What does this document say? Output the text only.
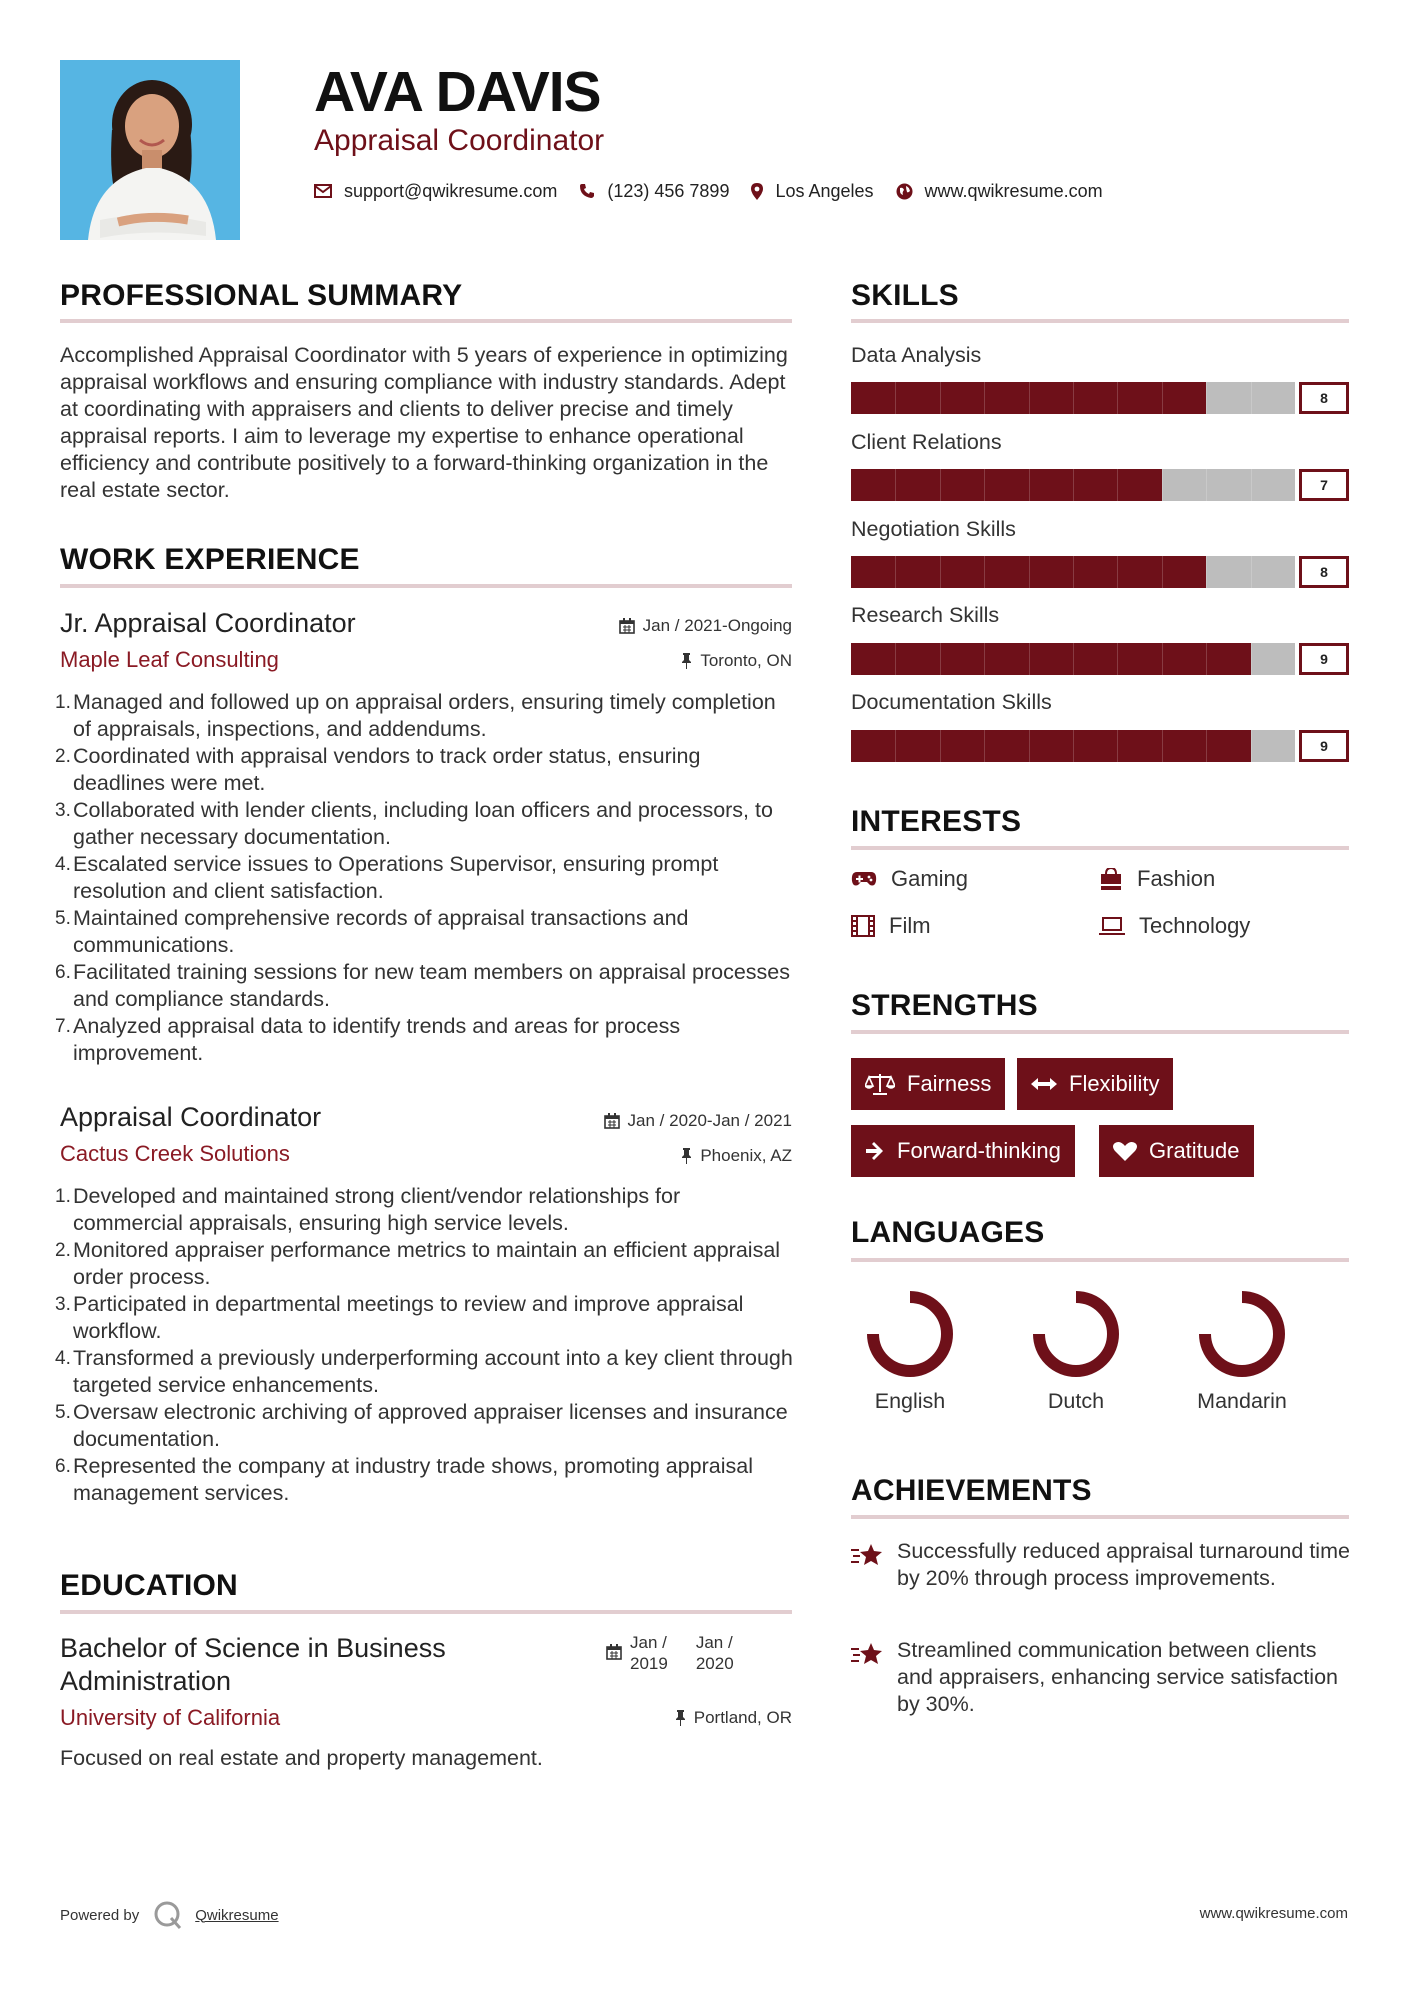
AVA DAVIS
Appraisal Coordinator
support@qwikresume.com	(123) 456 7899	Los Angeles	www.qwikresume.com
PROFESSIONAL SUMMARY
Accomplished Appraisal Coordinator with 5 years of experience in optimizing appraisal workflows and ensuring compliance with industry standards. Adept at coordinating with appraisers and clients to deliver precise and timely appraisal reports. I aim to leverage my expertise to enhance operational efficiency and contribute positively to a forward-thinking organization in the real estate sector.
WORK EXPERIENCE
Jr. Appraisal Coordinator	Jan / 2021-Ongoing
Maple Leaf Consulting	Toronto, ON
1. Managed and followed up on appraisal orders, ensuring timely completion of appraisals, inspections, and addendums.
2. Coordinated with appraisal vendors to track order status, ensuring deadlines were met.
3. Collaborated with lender clients, including loan officers and processors, to gather necessary documentation.
4. Escalated service issues to Operations Supervisor, ensuring prompt resolution and client satisfaction.
5. Maintained comprehensive records of appraisal transactions and communications.
6. Facilitated training sessions for new team members on appraisal processes and compliance standards.
7. Analyzed appraisal data to identify trends and areas for process improvement.
Appraisal Coordinator	Jan / 2020-Jan / 2021
Cactus Creek Solutions	Phoenix, AZ
1. Developed and maintained strong client/vendor relationships for commercial appraisals, ensuring high service levels.
2. Monitored appraiser performance metrics to maintain an efficient appraisal order process.
3. Participated in departmental meetings to review and improve appraisal workflow.
4. Transformed a previously underperforming account into a key client through targeted service enhancements.
5. Oversaw electronic archiving of approved appraiser licenses and insurance documentation.
6. Represented the company at industry trade shows, promoting appraisal management services.
EDUCATION
Bachelor of Science in Business Administration
Jan /
2019
Jan /
2020
University of California	Portland, OR
Focused on real estate and property management.
SKILLS
Data Analysis
8
Client Relations
7
Negotiation Skills
8
Research Skills
9
Documentation Skills
9
INTERESTS
Gaming	Fashion
Film	Technology
STRENGTHS
Fairness	Flexibility
Forward-thinking	Gratitude
LANGUAGES
English	Dutch	Mandarin
ACHIEVEMENTS
Successfully reduced appraisal turnaround time by 20% through process improvements.
Streamlined communication between clients and appraisers, enhancing service satisfaction by 30%.
Powered by	Qwikresume	www.qwikresume.com
